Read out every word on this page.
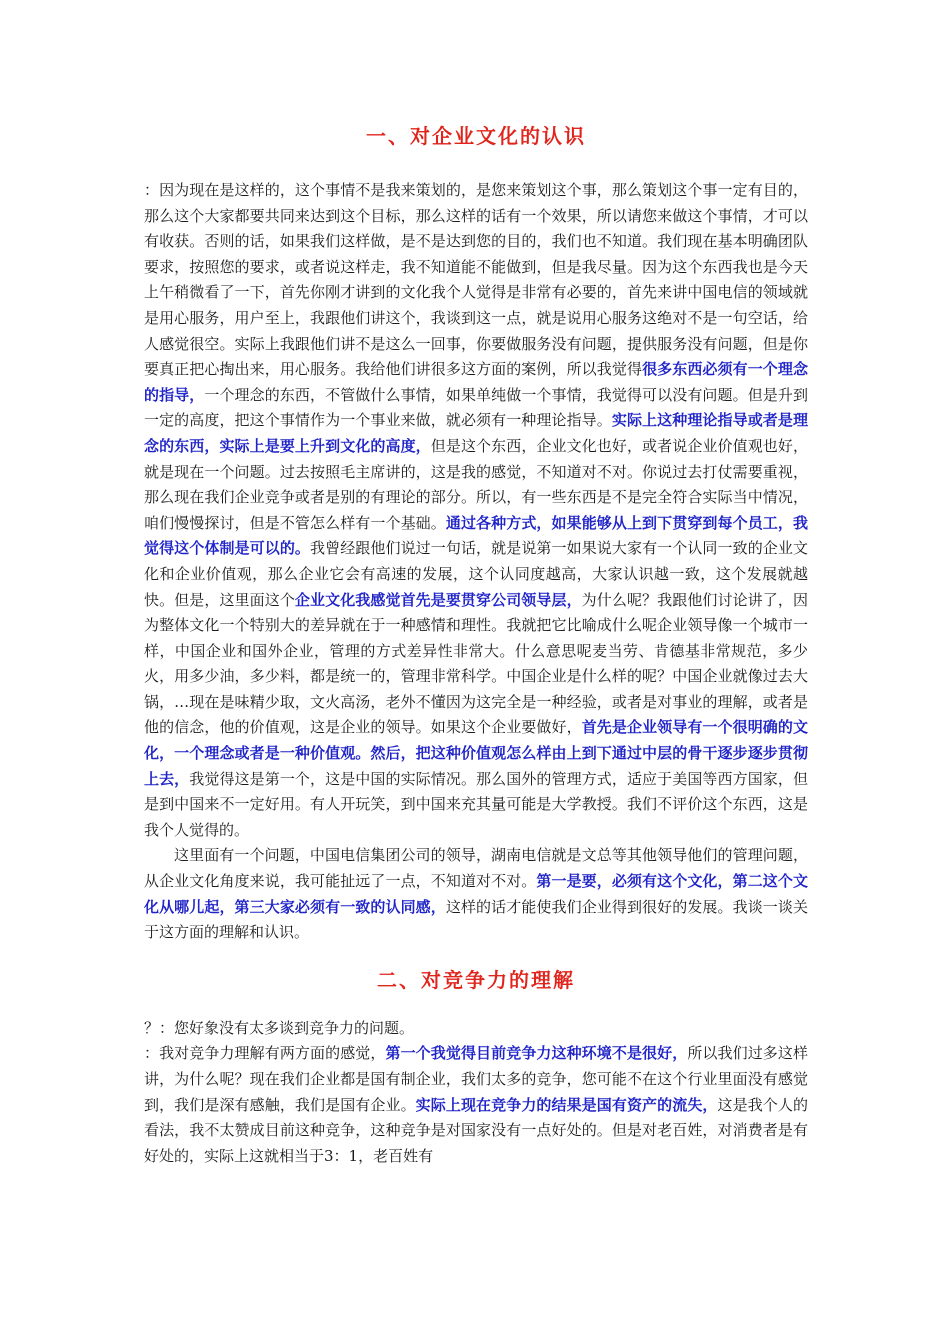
一、对企业文化的认识

：因为现在是这样的，这个事情不是我来策划的，是您来策划这个事，那么策划这个事一定有目的，那么这个大家都要共同来达到这个目标，那么这样的话有一个效果，所以请您来做这个事情，才可以有收获。否则的话，如果我们这样做，是不是达到您的目的，我们也不知道。我们现在基本明确团队要求，按照您的要求，或者说这样走，我不知道能不能做到，但是我尽量。因为这个东西我也是今天上午稍微看了一下，首先你刚才讲到的文化我个人觉得是非常有必要的，首先来讲中国电信的领域就是用心服务，用户至上，我跟他们讲这个，我谈到这一点，就是说用心服务这绝对不是一句空话，给人感觉很空。实际上我跟他们讲不是这么一回事，你要做服务没有问题，提供服务没有问题，但是你要真正把心掏出来，用心服务。我给他们讲很多这方面的案例，所以我觉得很多东西必须有一个理念的指导，一个理念的东西，不管做什么事情，如果单纯做一个事情，我觉得可以没有问题。但是升到一定的高度，把这个事情作为一个事业来做，就必须有一种理论指导。实际上这种理论指导或者是理念的东西，实际上是要上升到文化的高度，但是这个东西，企业文化也好，或者说企业价值观也好，就是现在一个问题。过去按照毛主席讲的，这是我的感觉，不知道对不对。你说过去打仗需要重视，那么现在我们企业竞争或者是别的有理论的部分。所以，有一些东西是不是完全符合实际当中情况，咱们慢慢探讨，但是不管怎么样有一个基础。通过各种方式，如果能够从上到下贯穿到每个员工，我觉得这个体制是可以的。我曾经跟他们说过一句话，就是说第一如果说大家有一个认同一致的企业文化和企业价值观，那么企业它会有高速的发展，这个认同度越高，大家认识越一致，这个发展就越快。但是，这里面这个企业文化我感觉首先是要贯穿公司领导层，为什么呢？我跟他们讨论讲了，因为整体文化一个特别大的差异就在于一种感情和理性。我就把它比喻成什么呢企业领导像一个城市一样，中国企业和国外企业，管理的方式差异性非常大。什么意思呢麦当劳、肯德基非常规范，多少火，用多少油，多少料，都是统一的，管理非常科学。中国企业是什么样的呢？中国企业就像过去大锅，…现在是味精少取，文火高汤，老外不懂因为这完全是一种经验，或者是对事业的理解，或者是他的信念，他的价值观，这是企业的领导。如果这个企业要做好，首先是企业领导有一个很明确的文化，一个理念或者是一种价值观。然后，把这种价值观怎么样由上到下通过中层的骨干逐步逐步贯彻上去，我觉得这是第一个，这是中国的实际情况。那么国外的管理方式，适应于美国等西方国家，但是到中国来不一定好用。有人开玩笑，到中国来充其量可能是大学教授。我们不评价这个东西，这是我个人觉得的。

这里面有一个问题，中国电信集团公司的领导，湖南电信就是文总等其他领导他们的管理问题，从企业文化角度来说，我可能扯远了一点，不知道对不对。第一是要，必须有这个文化，第二这个文化从哪儿起，第三大家必须有一致的认同感，这样的话才能使我们企业得到很好的发展。我谈一谈关于这方面的理解和认识。

二、对竞争力的理解

？：您好象没有太多谈到竞争力的问题。

：我对竞争力理解有两方面的感觉，第一个我觉得目前竞争力这种环境不是很好，所以我们过多这样讲，为什么呢？现在我们企业都是国有制企业，我们太多的竞争，您可能不在这个行业里面没有感觉到，我们是深有感触，我们是国有企业。实际上现在竞争力的结果是国有资产的流失，这是我个人的看法，我不太赞成目前这种竞争，这种竞争是对国家没有一点好处的。但是对老百姓，对消费者是有好处的，实际上这就相当于3：1，老百姓有
